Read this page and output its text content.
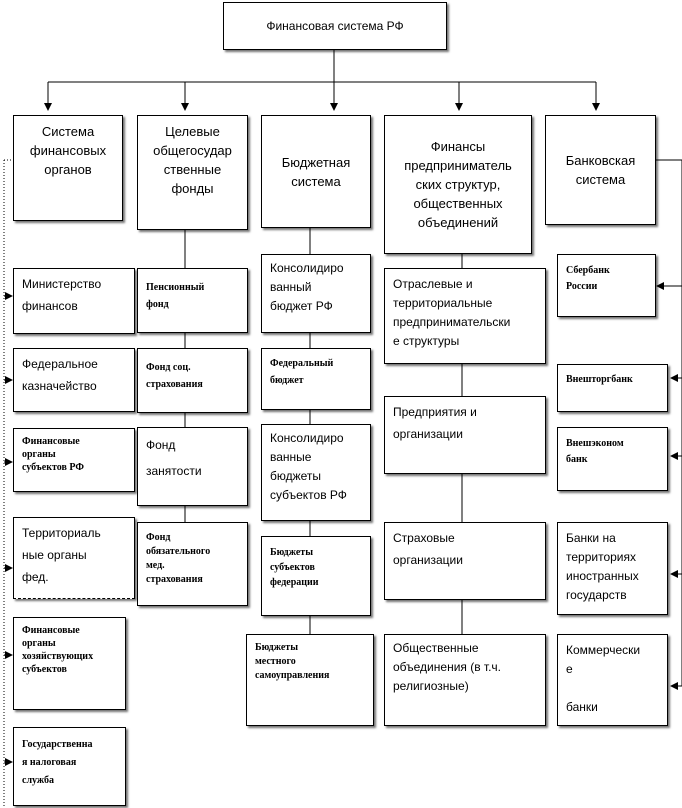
Финансовая система РФ
Система
финансовых
органов
Целевые
общегосудар
ственные
фонды
Бюджетная
система
Финансы
предприниматель
ских структур,
общественных
объединений
Банковская
система
Министерство
финансов
Федеральное
казначейство
Финансовые
органы
субъектов РФ
Территориаль
ные органы
фед.
Финансовые
органы
хозяйствующих
субъектов
Государственна
я налоговая
служба
Пенсионный
фонд
Фонд соц.
страхования
Фонд
занятости
Фонд
обязательного
мед.
страхования
Консолидиро
ванный
бюджет РФ
Федеральный
бюджет
Консолидиро
ванные
бюджеты
субъектов РФ
Бюджеты
субъектов
федерации
Бюджеты
местного
самоуправления
Отраслевые и
территориальные
предпринимательски
е структуры
Предприятия и
организации
Страховые
организации
Общественные
объединения (в т.ч.
религиозные)
Сбербанк
России
Внешторгбанк
Внешэконом
банк
Банки на
территориях
иностранных
государств
Коммерчески
е

банки
